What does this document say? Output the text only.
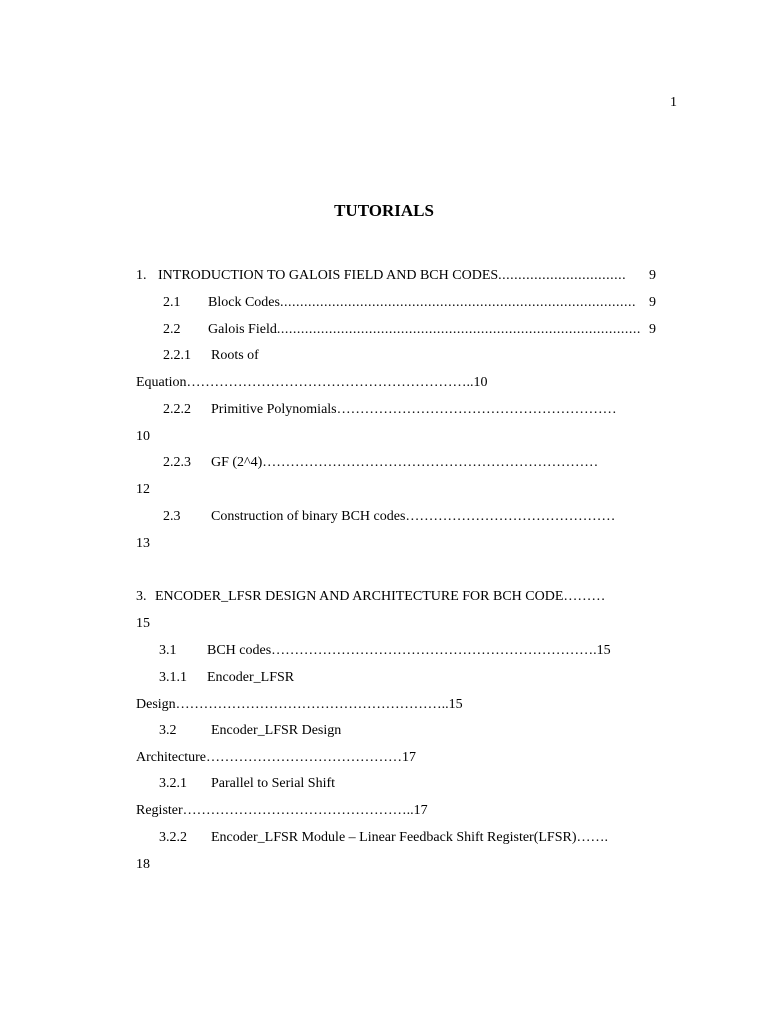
1
TUTORIALS
1. INTRODUCTION TO GALOIS FIELD AND BCH CODES ................................	9
2.1	Block Codes ......................................................................................... 9
2.2	Galois Field ........................................................................................... 9
2.2.1 Roots of
Equation……………………………………………………..10
2.2.2 Primitive Polynomials……………………………………………………
10
2.2.3 GF (2^4)………………………………………………………………
12
2.3 Construction of binary BCH codes………………………………………
13
3. ENCODER_LFSR DESIGN AND ARCHITECTURE FOR BCH CODE………
15
3.1 BCH codes…………………………………………………………….15
3.1.1 Encoder_LFSR
Design…………………………………………………..15
3.2 Encoder_LFSR Design
Architecture……………………………………17
3.2.1 Parallel to Serial Shift
Register…………………………………………..17
3.2.2 Encoder_LFSR Module – Linear Feedback Shift Register(LFSR)…….
18
